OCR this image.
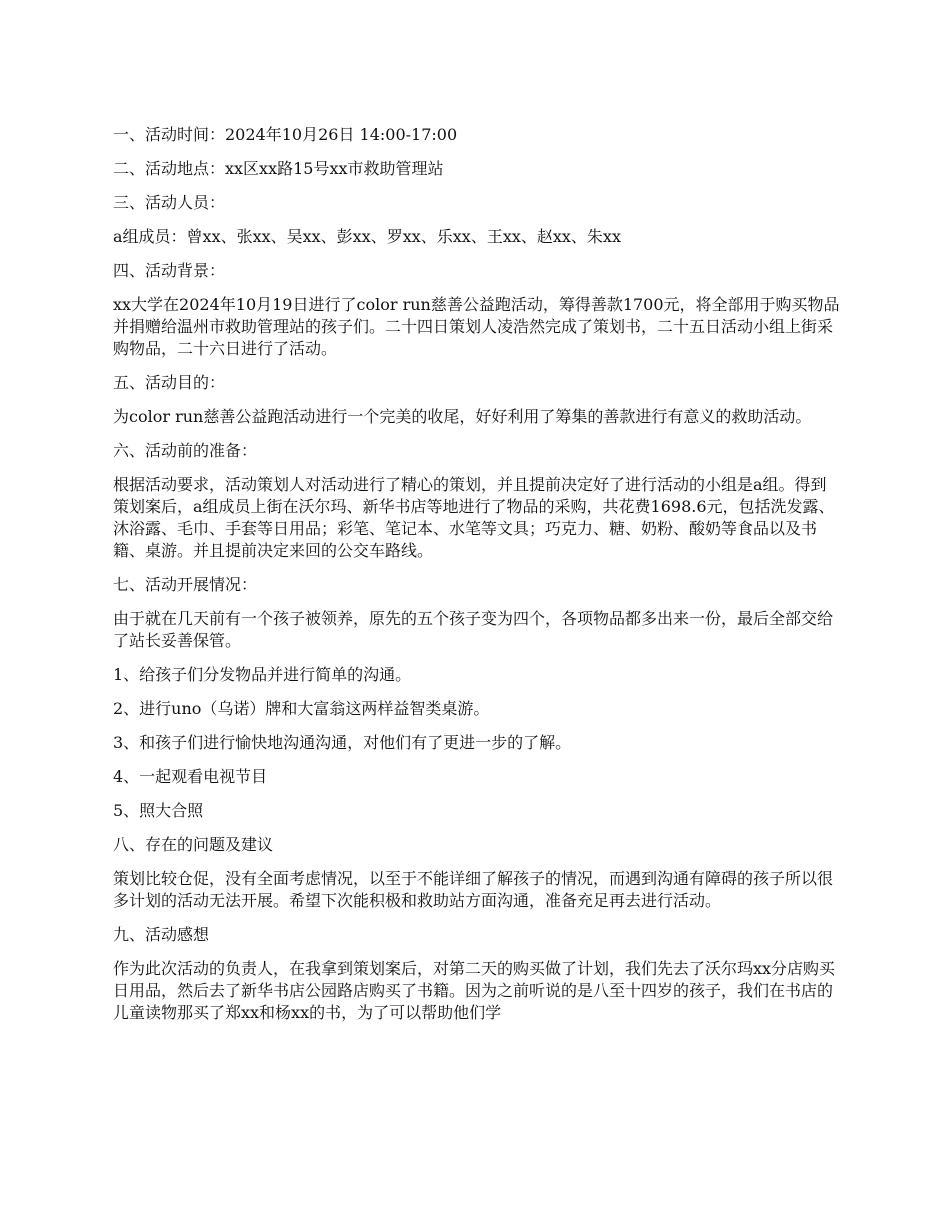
一、活动时间：2024年10月26日 14:00-17:00

二、活动地点：xx区xx路15号xx市救助管理站

三、活动人员：

a组成员：曾xx、张xx、吴xx、彭xx、罗xx、乐xx、王xx、赵xx、朱xx

四、活动背景：

xx大学在2024年10月19日进行了color run慈善公益跑活动，筹得善款1700元，将全部用于购买物品并捐赠给温州市救助管理站的孩子们。二十四日策划人凌浩然完成了策划书，二十五日活动小组上街采购物品，二十六日进行了活动。

五、活动目的：

为color run慈善公益跑活动进行一个完美的收尾，好好利用了筹集的善款进行有意义的救助活动。

六、活动前的准备：

根据活动要求，活动策划人对活动进行了精心的策划，并且提前决定好了进行活动的小组是a组。得到策划案后，a组成员上街在沃尔玛、新华书店等地进行了物品的采购，共花费1698.6元，包括洗发露、沐浴露、毛巾、手套等日用品；彩笔、笔记本、水笔等文具；巧克力、糖、奶粉、酸奶等食品以及书籍、桌游。并且提前决定来回的公交车路线。

七、活动开展情况：

由于就在几天前有一个孩子被领养，原先的五个孩子变为四个，各项物品都多出来一份，最后全部交给了站长妥善保管。

1、给孩子们分发物品并进行简单的沟通。

2、进行uno（乌诺）牌和大富翁这两样益智类桌游。

3、和孩子们进行愉快地沟通沟通，对他们有了更进一步的了解。

4、一起观看电视节目

5、照大合照

八、存在的问题及建议

策划比较仓促，没有全面考虑情况，以至于不能详细了解孩子的情况，而遇到沟通有障碍的孩子所以很多计划的活动无法开展。希望下次能积极和救助站方面沟通，准备充足再去进行活动。

九、活动感想

作为此次活动的负责人，在我拿到策划案后，对第二天的购买做了计划，我们先去了沃尔玛xx分店购买日用品，然后去了新华书店公园路店购买了书籍。因为之前听说的是八至十四岁的孩子，我们在书店的儿童读物那买了郑xx和杨xx的书，为了可以帮助他们学
